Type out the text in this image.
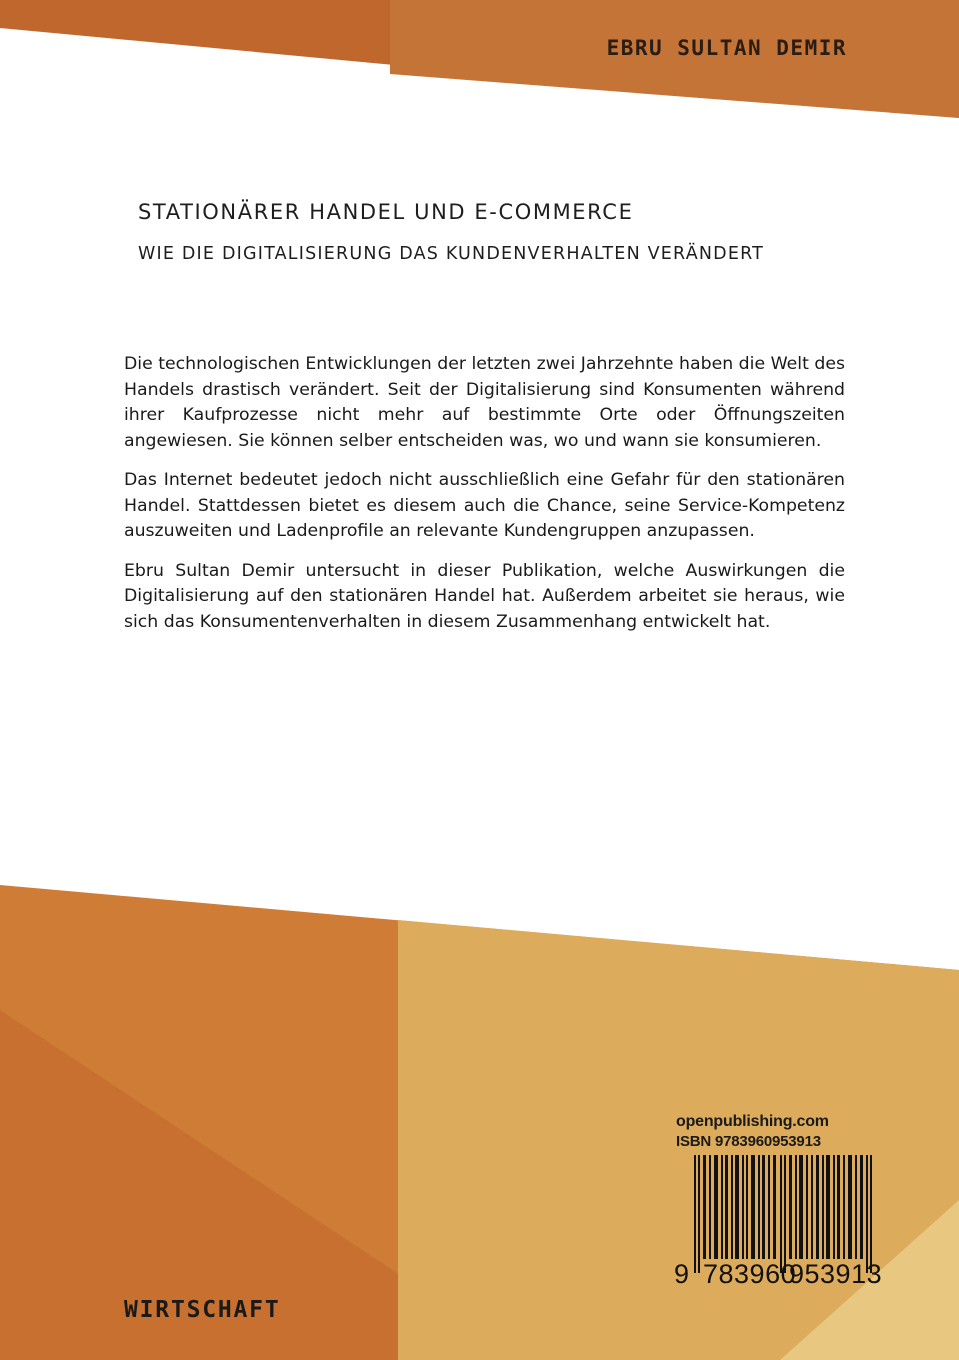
EBRU SULTAN DEMIR
STATIONÄRER HANDEL UND E-COMMERCE
WIE DIE DIGITALISIERUNG DAS KUNDENVERHALTEN VERÄNDERT

Die technologischen Entwicklungen der letzten zwei Jahrzehnte haben die Welt des Handels drastisch verändert. Seit der Digitalisierung sind Konsumenten während ihrer Kaufprozesse nicht mehr auf bestimmte Orte oder Öffnungszeiten angewiesen. Sie können selber entscheiden was, wo und wann sie konsumieren.

Das Internet bedeutet jedoch nicht ausschließlich eine Gefahr für den stationären Handel. Stattdessen bietet es diesem auch die Chance, seine Service-Kompetenz auszuweiten und Ladenprofile an relevante Kundengruppen anzupassen.

Ebru Sultan Demir untersucht in dieser Publikation, welche Auswirkungen die Digitalisierung auf den stationären Handel hat. Außerdem arbeitet sie heraus, wie sich das Konsumentenverhalten in diesem Zusammenhang entwickelt hat.

openpublishing.com
ISBN 9783960953913
9 783960
953913
WIRTSCHAFT
